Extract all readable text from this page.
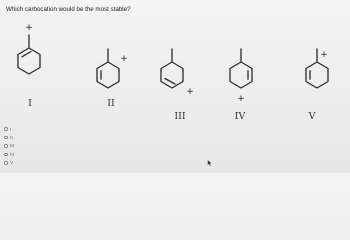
Which carbocation would be the most stable?
+
+
+
+
+
I	II
III	IV	V
I
II
III
IV
V
